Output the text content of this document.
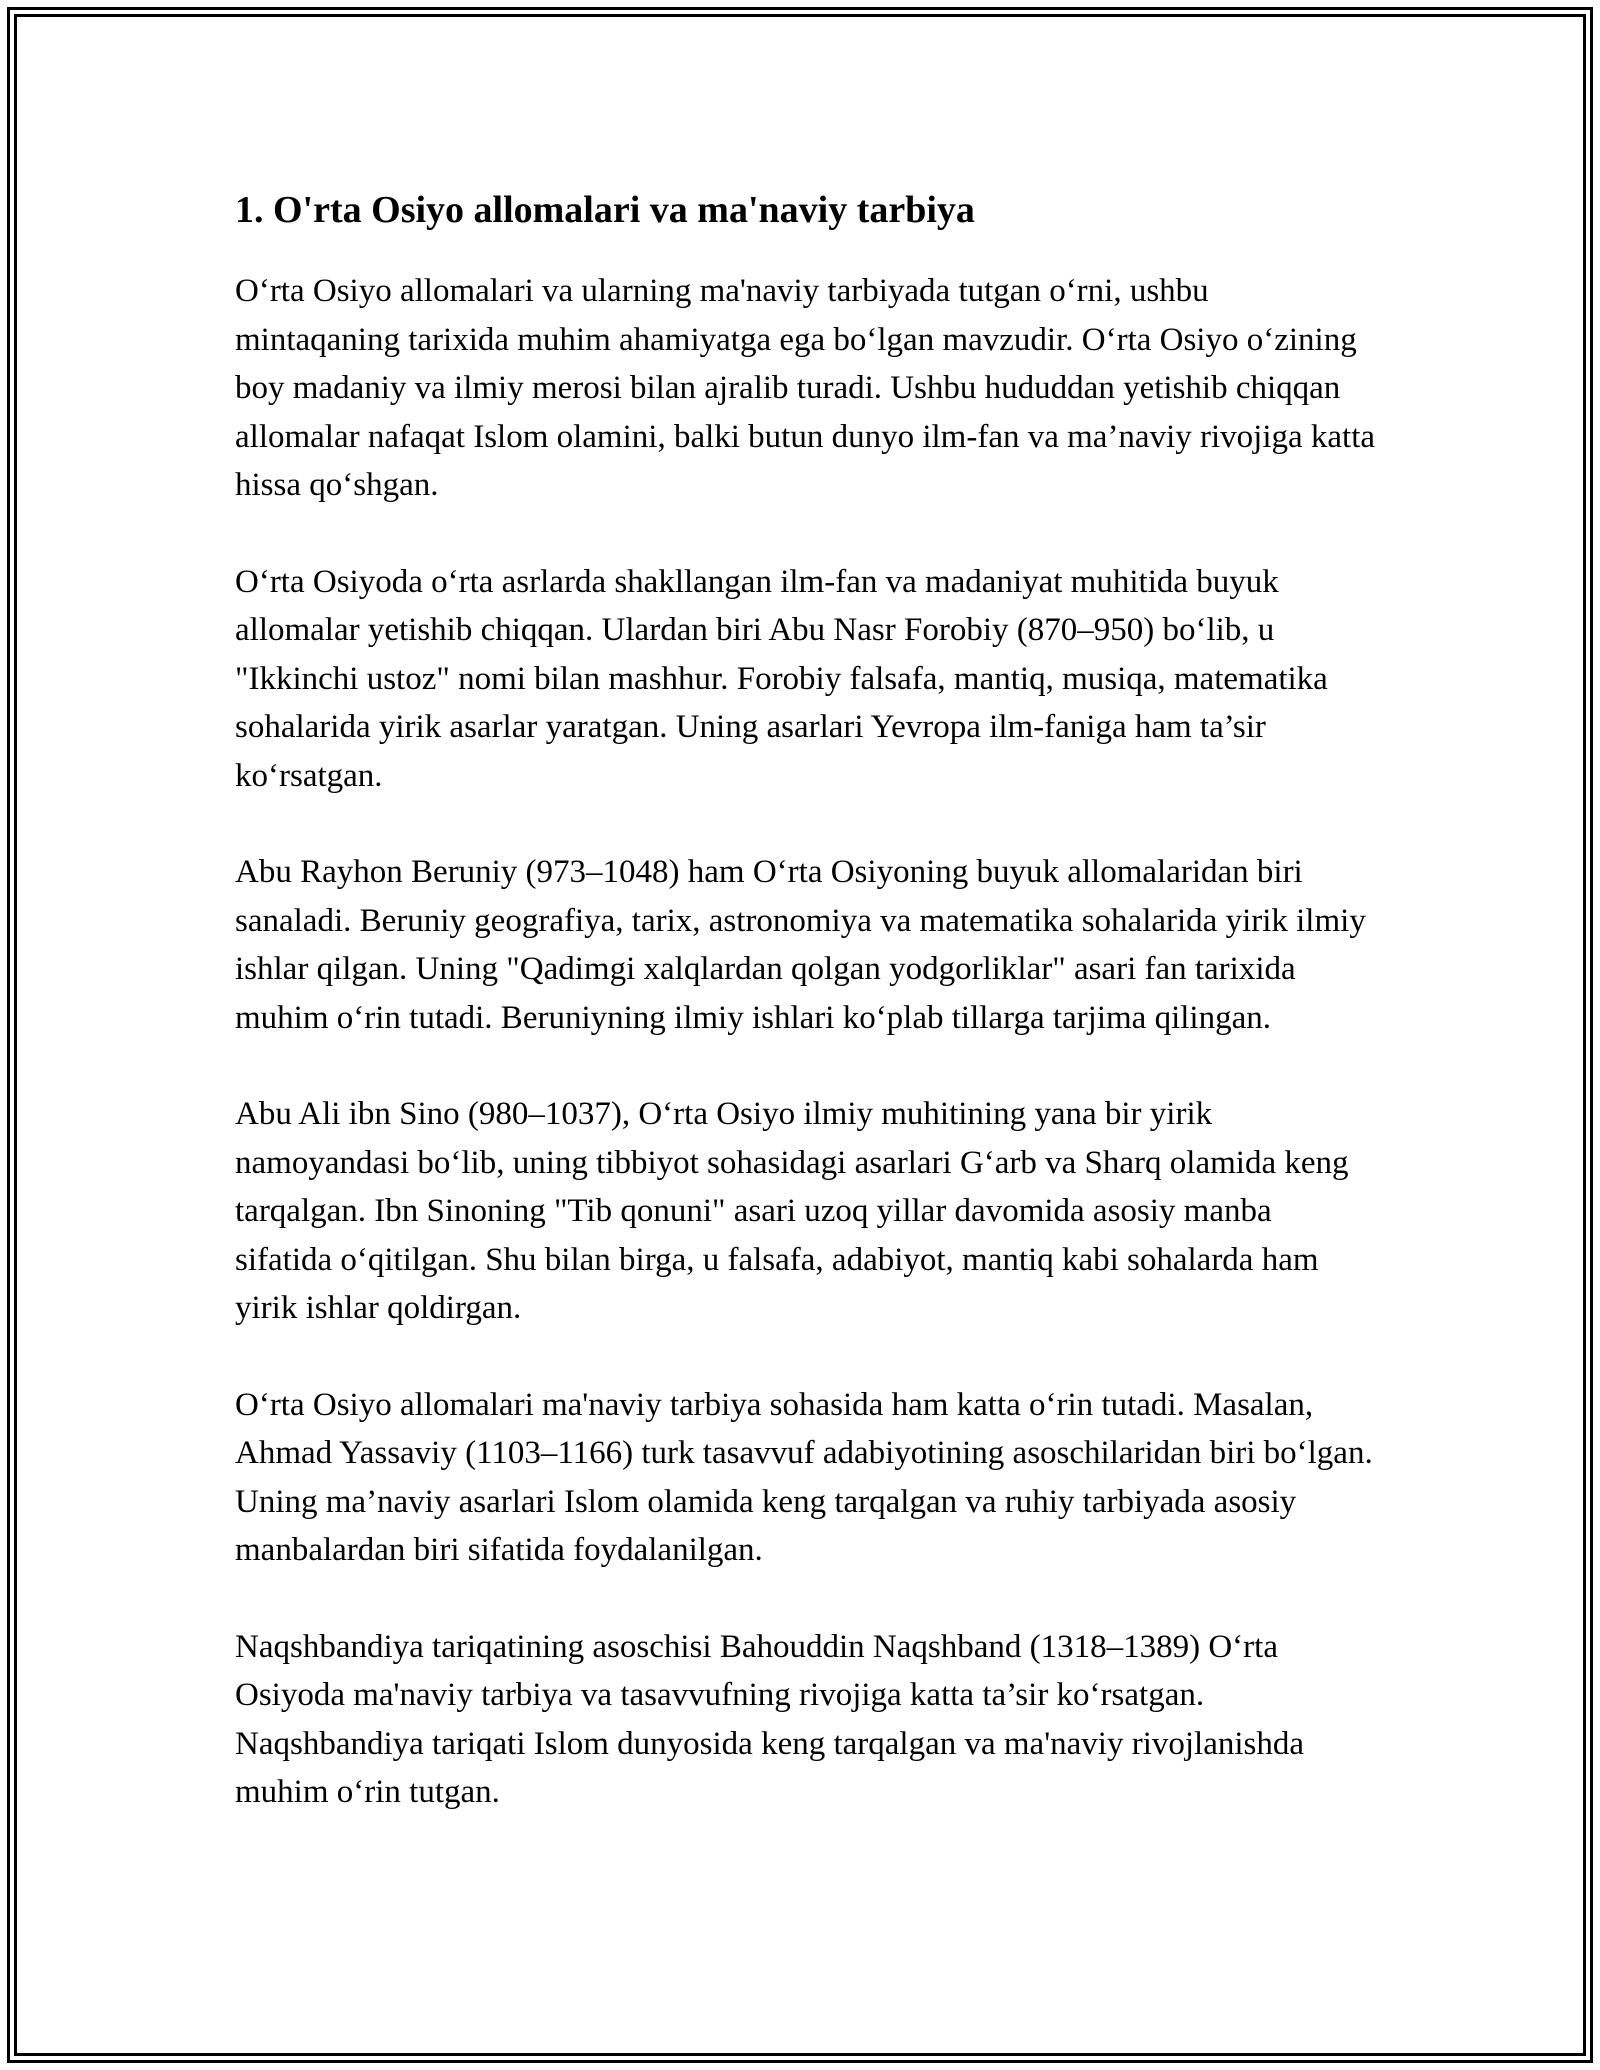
1. O'rta Osiyo allomalari va ma'naviy tarbiya

O‘rta Osiyo allomalari va ularning ma'naviy tarbiyada tutgan o‘rni, ushbu mintaqaning tarixida muhim ahamiyatga ega bo‘lgan mavzudir. O‘rta Osiyo o‘zining boy madaniy va ilmiy merosi bilan ajralib turadi. Ushbu hududdan yetishib chiqqan allomalar nafaqat Islom olamini, balki butun dunyo ilm-fan va ma’naviy rivojiga katta hissa qo‘shgan.

O‘rta Osiyoda o‘rta asrlarda shakllangan ilm-fan va madaniyat muhitida buyuk allomalar yetishib chiqqan. Ulardan biri Abu Nasr Forobiy (870–950) bo‘lib, u "Ikkinchi ustoz" nomi bilan mashhur. Forobiy falsafa, mantiq, musiqa, matematika sohalarida yirik asarlar yaratgan. Uning asarlari Yevropa ilm-faniga ham ta’sir ko‘rsatgan.

Abu Rayhon Beruniy (973–1048) ham O‘rta Osiyoning buyuk allomalaridan biri sanaladi. Beruniy geografiya, tarix, astronomiya va matematika sohalarida yirik ilmiy ishlar qilgan. Uning "Qadimgi xalqlardan qolgan yodgorliklar" asari fan tarixida muhim o‘rin tutadi. Beruniyning ilmiy ishlari ko‘plab tillarga tarjima qilingan.

Abu Ali ibn Sino (980–1037), O‘rta Osiyo ilmiy muhitining yana bir yirik namoyandasi bo‘lib, uning tibbiyot sohasidagi asarlari G‘arb va Sharq olamida keng tarqalgan. Ibn Sinoning "Tib qonuni" asari uzoq yillar davomida asosiy manba sifatida o‘qitilgan. Shu bilan birga, u falsafa, adabiyot, mantiq kabi sohalarda ham yirik ishlar qoldirgan.

O‘rta Osiyo allomalari ma'naviy tarbiya sohasida ham katta o‘rin tutadi. Masalan, Ahmad Yassaviy (1103–1166) turk tasavvuf adabiyotining asoschilaridan biri bo‘lgan. Uning ma’naviy asarlari Islom olamida keng tarqalgan va ruhiy tarbiyada asosiy manbalardan biri sifatida foydalanilgan.

Naqshbandiya tariqatining asoschisi Bahouddin Naqshband (1318–1389) O‘rta Osiyoda ma'naviy tarbiya va tasavvufning rivojiga katta ta’sir ko‘rsatgan. Naqshbandiya tariqati Islom dunyosida keng tarqalgan va ma'naviy rivojlanishda muhim o‘rin tutgan.
